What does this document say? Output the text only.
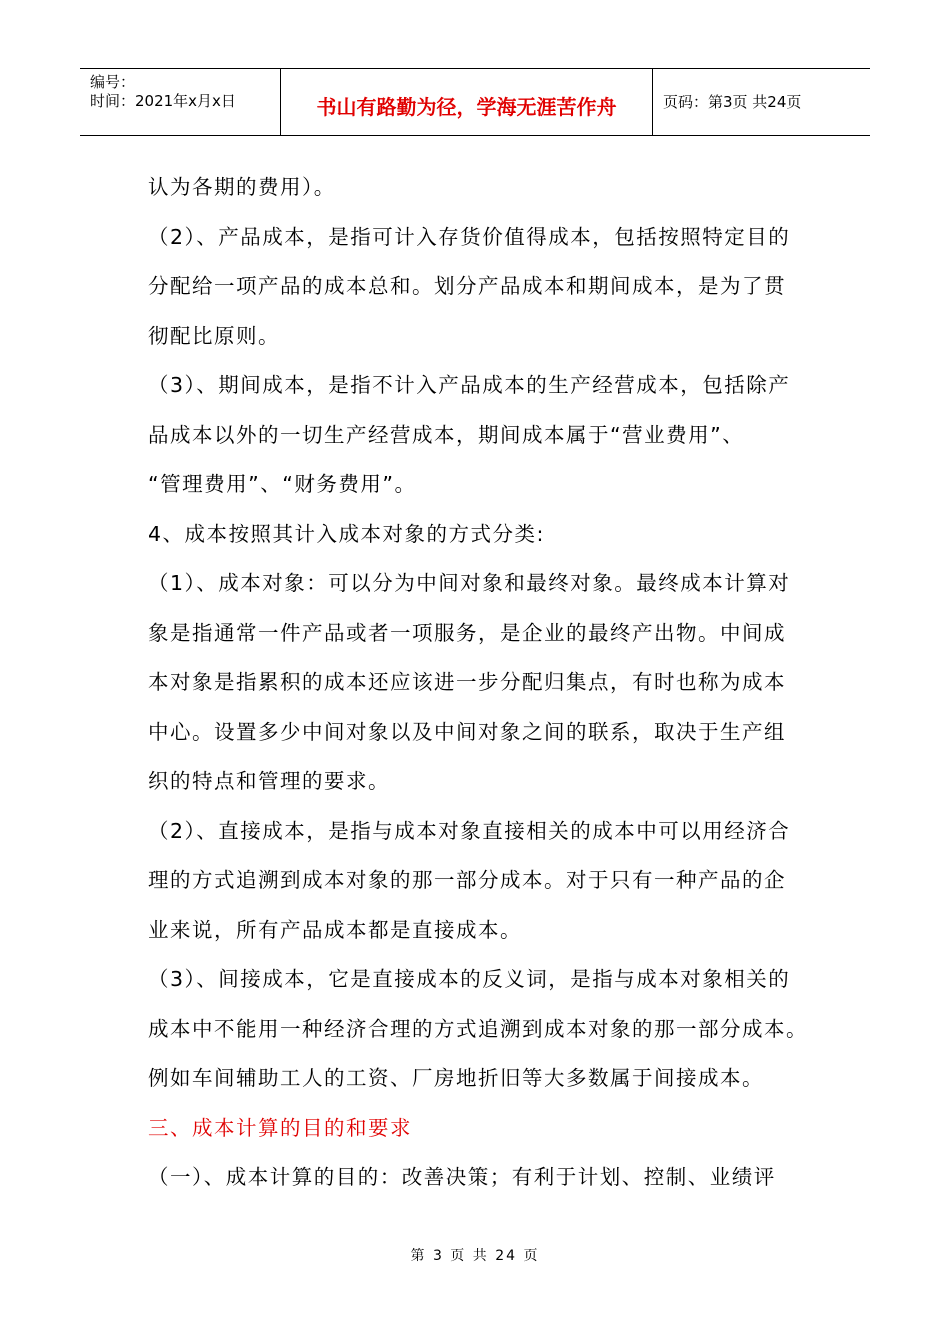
编号：
时间：2021年x月x日	书山有路勤为径，学海无涯苦作舟	页码：第3页 共24页
认为各期的费用）。
（2）、产品成本，是指可计入存货价值得成本，包括按照特定目的
分配给一项产品的成本总和。划分产品成本和期间成本，是为了贯
彻配比原则。
（3）、期间成本，是指不计入产品成本的生产经营成本，包括除产
品成本以外的一切生产经营成本，期间成本属于“营业费用”、
“管理费用”、“财务费用”。
4、成本按照其计入成本对象的方式分类:
（1）、成本对象：可以分为中间对象和最终对象。最终成本计算对
象是指通常一件产品或者一项服务，是企业的最终产出物。中间成
本对象是指累积的成本还应该进一步分配归集点，有时也称为成本
中心。设置多少中间对象以及中间对象之间的联系，取决于生产组
织的特点和管理的要求。
（2）、直接成本，是指与成本对象直接相关的成本中可以用经济合
理的方式追溯到成本对象的那一部分成本。对于只有一种产品的企
业来说，所有产品成本都是直接成本。
（3）、间接成本，它是直接成本的反义词，是指与成本对象相关的
成本中不能用一种经济合理的方式追溯到成本对象的那一部分成本。
例如车间辅助工人的工资、厂房地折旧等大多数属于间接成本。
三、成本计算的目的和要求
（一）、成本计算的目的：改善决策；有利于计划、控制、业绩评
第 3 页 共 24 页
